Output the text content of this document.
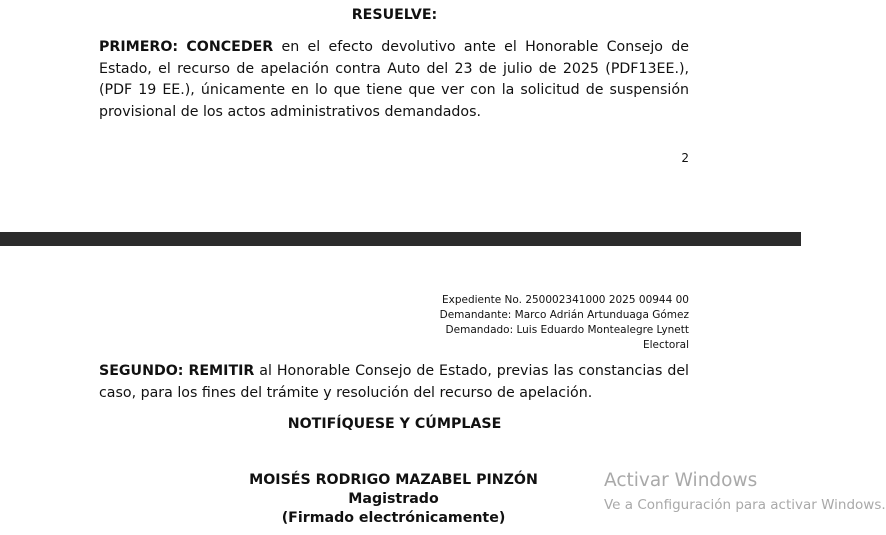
RESUELVE:
PRIMERO: CONCEDER en el efecto devolutivo ante el Honorable Consejo de Estado, el recurso de apelación contra Auto del 23 de julio de 2025 (PDF13EE.), (PDF 19 EE.), únicamente en lo que tiene que ver con la solicitud de suspensión provisional de los actos administrativos demandados.
2
Expediente No. 250002341000 2025 00944 00
Demandante: Marco Adrián Artunduaga Gómez
Demandado: Luis Eduardo Montealegre Lynett
Electoral
SEGUNDO: REMITIR al Honorable Consejo de Estado, previas las constancias del caso, para los fines del trámite y resolución del recurso de apelación.
NOTIFÍQUESE Y CÚMPLASE
MOISÉS RODRIGO MAZABEL PINZÓN
Magistrado
(Firmado electrónicamente)
Activar Windows
Ve a Configuración para activar Windows.
